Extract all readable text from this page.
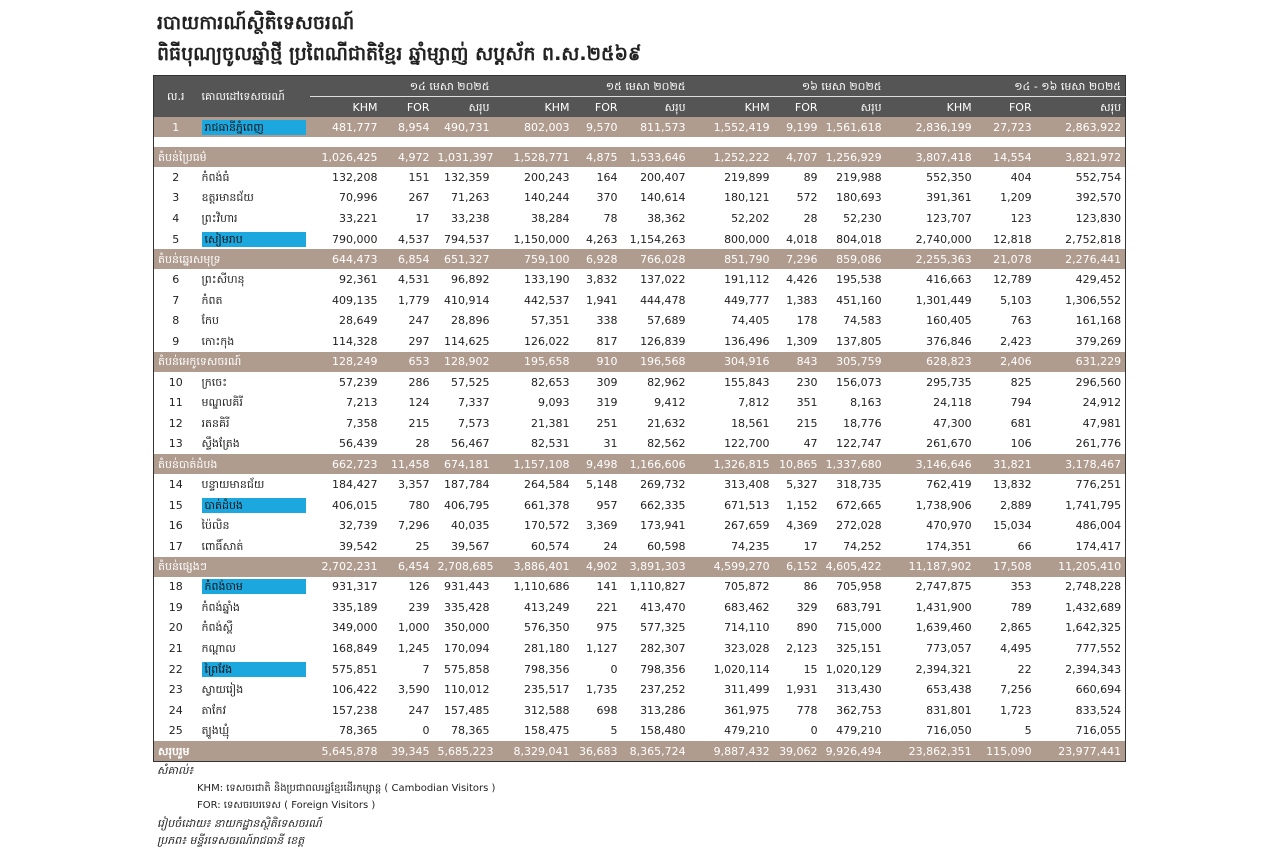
របាយការណ៍ស្ថិតិទេសចរណ៍
ពិធីបុណ្យចូលឆ្នាំថ្មី ប្រពៃណីជាតិខ្មែរ ឆ្នាំម្សាញ់ សប្តស័ក ព.ស.២៥៦៩
ល.រ	គោលដៅទេសចរណ៍	១៤ មេសា ២០២៥			១៥ មេសា ២០២៥			១៦ មេសា ២០២៥			១៤ - ១៦ មេសា ២០២៥		
		KHM	FOR	សរុប	KHM	FOR	សរុប	KHM	FOR	សរុប	KHM	FOR	សរុប
1	រាជធានីភ្នំពេញ	481,777	8,954	490,731	802,003	9,570	811,573	1,552,419	9,199	1,561,618	2,836,199	27,723	2,863,922

តំបន់ប្រៃធម៌		1,026,425	4,972	1,031,397	1,528,771	4,875	1,533,646	1,252,222	4,707	1,256,929	3,807,418	14,554	3,821,972
2	កំពង់ធំ	132,208	151	132,359	200,243	164	200,407	219,899	89	219,988	552,350	404	552,754
3	ឧត្តរមានជ័យ	70,996	267	71,263	140,244	370	140,614	180,121	572	180,693	391,361	1,209	392,570
4	ព្រះវិហារ	33,221	17	33,238	38,284	78	38,362	52,202	28	52,230	123,707	123	123,830
5	សៀមរាប	790,000	4,537	794,537	1,150,000	4,263	1,154,263	800,000	4,018	804,018	2,740,000	12,818	2,752,818
តំបន់ឆ្នេរសមុទ្រ		644,473	6,854	651,327	759,100	6,928	766,028	851,790	7,296	859,086	2,255,363	21,078	2,276,441
6	ព្រះសីហនុ	92,361	4,531	96,892	133,190	3,832	137,022	191,112	4,426	195,538	416,663	12,789	429,452
7	កំពត	409,135	1,779	410,914	442,537	1,941	444,478	449,777	1,383	451,160	1,301,449	5,103	1,306,552
8	កែប	28,649	247	28,896	57,351	338	57,689	74,405	178	74,583	160,405	763	161,168
9	កោះកុង	114,328	297	114,625	126,022	817	126,839	136,496	1,309	137,805	376,846	2,423	379,269
តំបន់អេកូទេសចរណ៍		128,249	653	128,902	195,658	910	196,568	304,916	843	305,759	628,823	2,406	631,229
10	ក្រចេះ	57,239	286	57,525	82,653	309	82,962	155,843	230	156,073	295,735	825	296,560
11	មណ្ឌលគិរី	7,213	124	7,337	9,093	319	9,412	7,812	351	8,163	24,118	794	24,912
12	រតនគិរី	7,358	215	7,573	21,381	251	21,632	18,561	215	18,776	47,300	681	47,981
13	ស្ទឹងត្រែង	56,439	28	56,467	82,531	31	82,562	122,700	47	122,747	261,670	106	261,776
តំបន់បាត់ដំបង		662,723	11,458	674,181	1,157,108	9,498	1,166,606	1,326,815	10,865	1,337,680	3,146,646	31,821	3,178,467
14	បន្ទាយមានជ័យ	184,427	3,357	187,784	264,584	5,148	269,732	313,408	5,327	318,735	762,419	13,832	776,251
15	បាត់ដំបង	406,015	780	406,795	661,378	957	662,335	671,513	1,152	672,665	1,738,906	2,889	1,741,795
16	ប៉ៃលិន	32,739	7,296	40,035	170,572	3,369	173,941	267,659	4,369	272,028	470,970	15,034	486,004
17	ពោធិ៍សាត់	39,542	25	39,567	60,574	24	60,598	74,235	17	74,252	174,351	66	174,417
តំបន់ផ្សេងៗ		2,702,231	6,454	2,708,685	3,886,401	4,902	3,891,303	4,599,270	6,152	4,605,422	11,187,902	17,508	11,205,410
18	កំពង់ចាម	931,317	126	931,443	1,110,686	141	1,110,827	705,872	86	705,958	2,747,875	353	2,748,228
19	កំពង់ឆ្នាំង	335,189	239	335,428	413,249	221	413,470	683,462	329	683,791	1,431,900	789	1,432,689
20	កំពង់ស្ពឺ	349,000	1,000	350,000	576,350	975	577,325	714,110	890	715,000	1,639,460	2,865	1,642,325
21	កណ្តាល	168,849	1,245	170,094	281,180	1,127	282,307	323,028	2,123	325,151	773,057	4,495	777,552
22	ព្រៃវែង	575,851	7	575,858	798,356	0	798,356	1,020,114	15	1,020,129	2,394,321	22	2,394,343
23	ស្វាយរៀង	106,422	3,590	110,012	235,517	1,735	237,252	311,499	1,931	313,430	653,438	7,256	660,694
24	តាកែវ	157,238	247	157,485	312,588	698	313,286	361,975	778	362,753	831,801	1,723	833,524
25	ត្បូងឃ្មុំ	78,365	0	78,365	158,475	5	158,480	479,210	0	479,210	716,050	5	716,055
សរុបរួម		5,645,878	39,345	5,685,223	8,329,041	36,683	8,365,724	9,887,432	39,062	9,926,494	23,862,351	115,090	23,977,441
សំគាល់៖
KHM: ទេសចរជាតិ និងប្រជាពលរដ្ឋខ្មែរដើរកម្សាន្ត ( Cambodian Visitors )
FOR: ទេសចរបរទេស ( Foreign Visitors )
រៀបចំដោយ៖ នាយកដ្ឋានស្ថិតិទេសចរណ៍
ប្រភព៖ មន្ទីរទេសចរណ៍រាជធានី ខេត្ត
